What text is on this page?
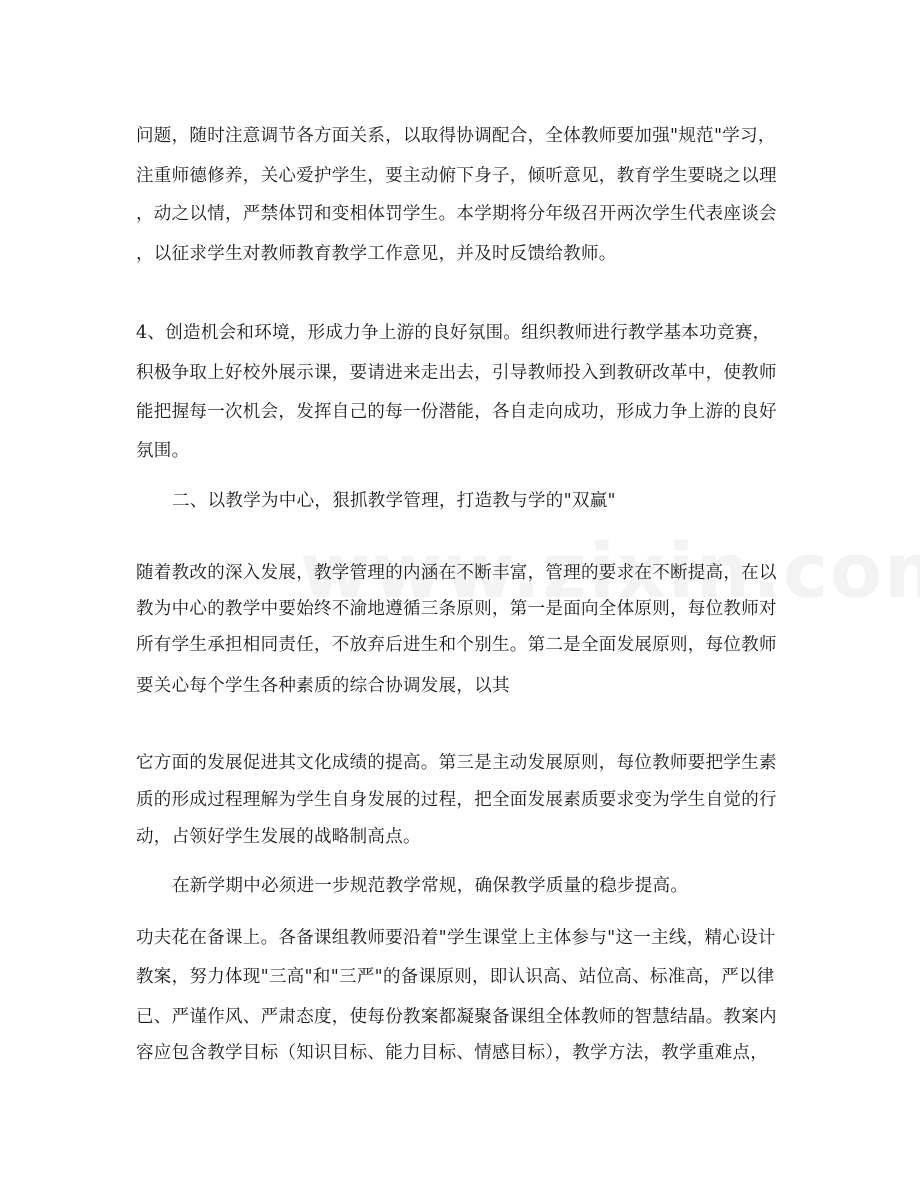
问题，随时注意调节各方面关系，以取得协调配合，全体教师要加强"规范"学习，
注重师德修养，关心爱护学生，要主动俯下身子，倾听意见，教育学生要晓之以理
，动之以情，严禁体罚和变相体罚学生。本学期将分年级召开两次学生代表座谈会
，以征求学生对教师教育教学工作意见，并及时反馈给教师。
4、创造机会和环境，形成力争上游的良好氛围。组织教师进行教学基本功竞赛，
积极争取上好校外展示课，要请进来走出去，引导教师投入到教研改革中，使教师
能把握每一次机会，发挥自己的每一份潜能，各自走向成功，形成力争上游的良好
氛围。
二、以教学为中心，狠抓教学管理，打造教与学的"双赢"
随着教改的深入发展，教学管理的内涵在不断丰富，管理的要求在不断提高，在以
教为中心的教学中要始终不渝地遵循三条原则，第一是面向全体原则，每位教师对
所有学生承担相同责任，不放弃后进生和个别生。第二是全面发展原则，每位教师
要关心每个学生各种素质的综合协调发展，以其
它方面的发展促进其文化成绩的提高。第三是主动发展原则，每位教师要把学生素
质的形成过程理解为学生自身发展的过程，把全面发展素质要求变为学生自觉的行
动，占领好学生发展的战略制高点。
在新学期中必须进一步规范教学常规，确保教学质量的稳步提高。
功夫花在备课上。各备课组教师要沿着"学生课堂上主体参与"这一主线，精心设计
教案，努力体现"三高"和"三严"的备课原则，即认识高、站位高、标准高，严以律
已、严谨作风、严肃态度，使每份教案都凝聚备课组全体教师的智慧结晶。教案内
容应包含教学目标（知识目标、能力目标、情感目标），教学方法，教学重难点，
